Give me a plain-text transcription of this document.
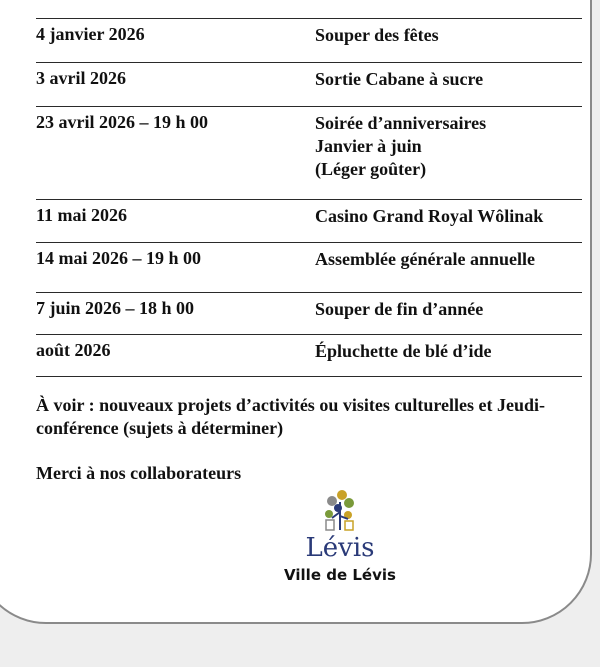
4 janvier 2026	Souper des fêtes
3 avril 2026	Sortie Cabane à sucre
23 avril 2026 – 19 h 00	Soirée d’anniversaires
Janvier à juin
(Léger goûter)
11 mai 2026	Casino Grand Royal Wôlinak
14 mai 2026 – 19 h 00	Assemblée générale annuelle
7 juin 2026 – 18 h 00	Souper de fin d’année
août 2026	Épluchette de blé d’ide
À voir : nouveaux projets d’activités ou visites culturelles et Jeudi- conférence (sujets à déterminer)
Merci à nos collaborateurs
Lévis
Ville de Lévis
